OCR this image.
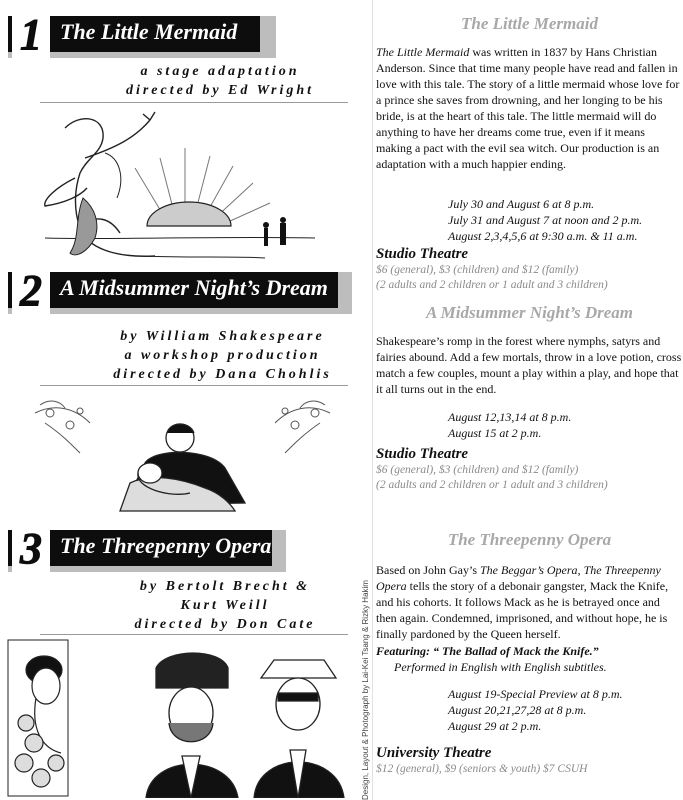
1 The Little Mermaid
a stage adaptation
directed by Ed Wright
2 A Midsummer Night’s Dream
by William Shakespeare
a workshop production
directed by Dana Chohlis
3 The Threepenny Opera
by Bertolt Brecht &
Kurt Weill
directed by Don Cate	Design, Layout & Photograph by Lai-Kei Tsang & Rizky Hakim
The Little Mermaid
The Little Mermaid was written in 1837 by Hans Christian Anderson. Since that time many people have read and fallen in love with this tale. The story of a little mermaid whose love for a prince she saves from drowning, and her longing to be his bride, is at the heart of this tale. The little mermaid will do anything to have her dreams come true, even if it means making a pact with the evil sea witch. Our production is an adaptation with a much happier ending.
July 30 and August 6 at 8 p.m.
July 31 and August 7 at noon and 2 p.m.
August 2,3,4,5,6 at 9:30 a.m. & 11 a.m.
Studio Theatre
$6 (general), $3 (children) and $12 (family)
(2 adults and 2 children or 1 adult and 3 children)
A Midsummer Night’s Dream
Shakespeare’s romp in the forest where nymphs, satyrs and fairies abound. Add a few mortals, throw in a love potion, cross match a few couples, mount a play within a play, and hope that it all turns out in the end.
August 12,13,14 at 8 p.m.
August 15 at 2 p.m.
Studio Theatre
$6 (general), $3 (children) and $12 (family)
(2 adults and 2 children or 1 adult and 3 children)
The Threepenny Opera
Based on John Gay’s The Beggar’s Opera, The Threepenny Opera tells the story of a debonair gangster, Mack the Knife, and his cohorts. It follows Mack as he is betrayed once and then again. Condemned, imprisoned, and without hope, he is finally pardoned by the Queen herself.
Featuring: “ The Ballad of Mack the Knife.”
Performed in English with English subtitles.
August 19-Special Preview at 8 p.m.
August 20,21,27,28 at 8 p.m.
August 29 at 2 p.m.
University Theatre
$12 (general), $9 (seniors & youth) $7 CSUH
